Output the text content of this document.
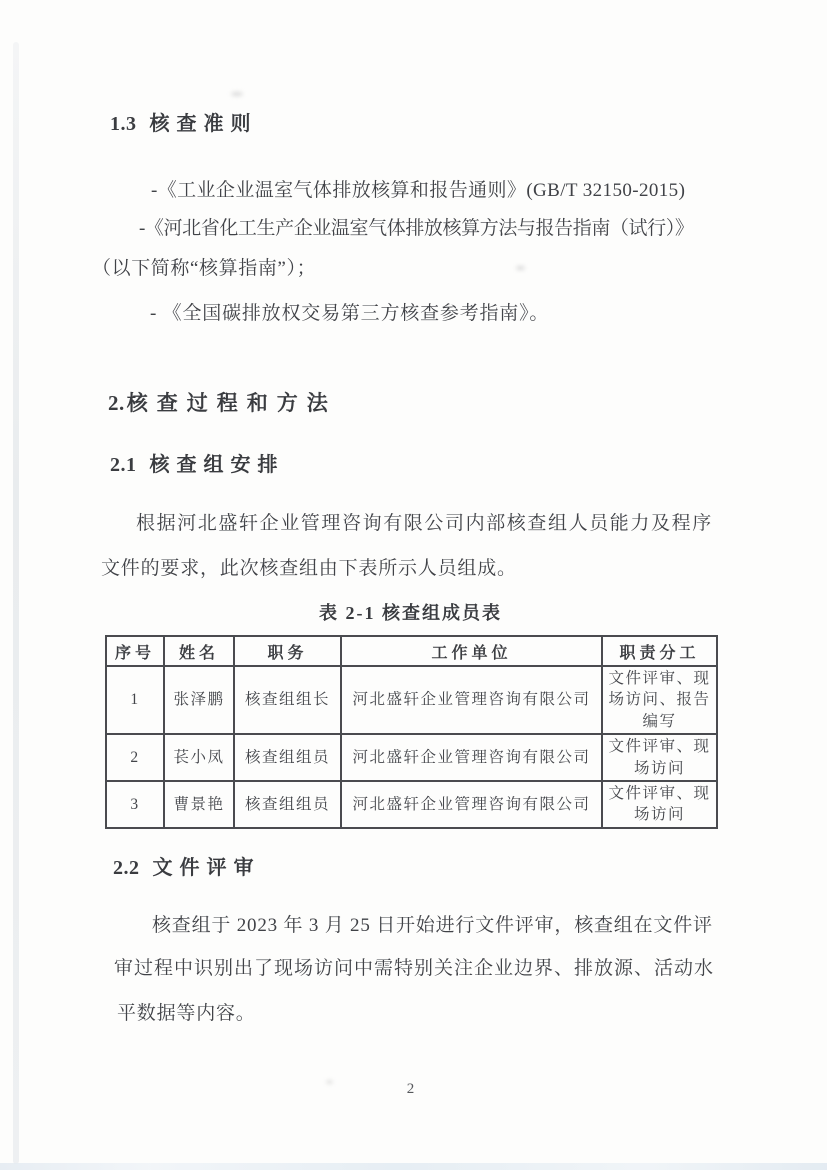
1.3 核查准则
-《工业企业温室气体排放核算和报告通则》(GB/T 32150-2015)
-《河北省化工生产企业温室气体排放核算方法与报告指南（试行）》
（以下简称“核算指南”）；
- 《全国碳排放权交易第三方核查参考指南》。
2.核查过程和方法
2.1 核查组安排
根据河北盛轩企业管理咨询有限公司内部核查组人员能力及程序
文件的要求，此次核查组由下表所示人员组成。
表 2-1 核查组成员表
序号	姓名	职务	工作单位	职责分工
1	张泽鹏	核查组组长	河北盛轩企业管理咨询有限公司	文件评审、现场访问、报告编写
2	苌小凤	核查组组员	河北盛轩企业管理咨询有限公司	文件评审、现场访问
3	曹景艳	核查组组员	河北盛轩企业管理咨询有限公司	文件评审、现场访问
2.2 文件评审
核查组于 2023 年 3 月 25 日开始进行文件评审，核查组在文件评
审过程中识别出了现场访问中需特别关注企业边界、排放源、活动水
平数据等内容。
2
